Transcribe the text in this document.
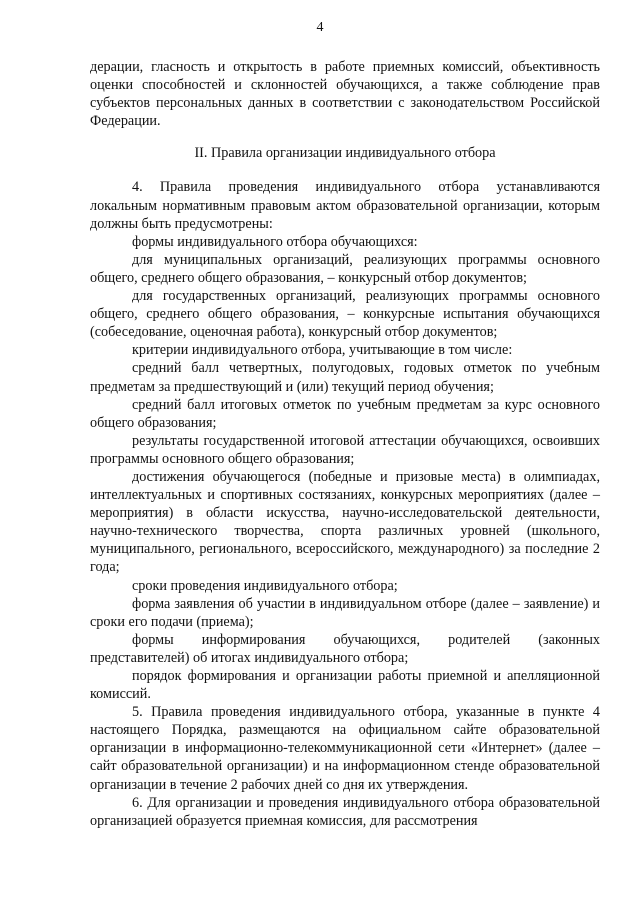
4

дерации, гласность и открытость в работе приемных комиссий, объективность оценки способностей и склонностей обучающихся, а также соблюдение прав субъектов персональных данных в соответствии с законодательством Российской Федерации.

II. Правила организации индивидуального отбора

4. Правила проведения индивидуального отбора устанавливаются локальным нормативным правовым актом образовательной организации, которым должны быть предусмотрены:

формы индивидуального отбора обучающихся:

для муниципальных организаций, реализующих программы основного общего, среднего общего образования, – конкурсный отбор документов;

для государственных организаций, реализующих программы основного общего, среднего общего образования, – конкурсные испытания обучающихся (собеседование, оценочная работа), конкурсный отбор документов;

критерии индивидуального отбора, учитывающие в том числе:

средний балл четвертных, полугодовых, годовых отметок по учебным предметам за предшествующий и (или) текущий период обучения;

средний балл итоговых отметок по учебным предметам за курс основного общего образования;

результаты государственной итоговой аттестации обучающихся, освоивших программы основного общего образования;

достижения обучающегося (победные и призовые места) в олимпиадах, интеллектуальных и спортивных состязаниях, конкурсных мероприятиях (далее – мероприятия) в области искусства, научно-исследовательской деятельности, научно-технического творчества, спорта различных уровней (школьного, муниципального, регионального, всероссийского, международного) за последние 2 года;

сроки проведения индивидуального отбора;

форма заявления об участии в индивидуальном отборе (далее – заявление) и сроки его подачи (приема);

формы информирования обучающихся, родителей (законных представителей) об итогах индивидуального отбора;

порядок формирования и организации работы приемной и апелляционной комиссий.

5. Правила проведения индивидуального отбора, указанные в пункте 4 настоящего Порядка, размещаются на официальном сайте образовательной организации в информационно-телекоммуникационной сети «Интернет» (далее – сайт образовательной организации) и на информационном стенде образовательной организации в течение 2 рабочих дней со дня их утверждения.

6. Для организации и проведения индивидуального отбора образовательной организацией образуется приемная комиссия, для рассмотрения
